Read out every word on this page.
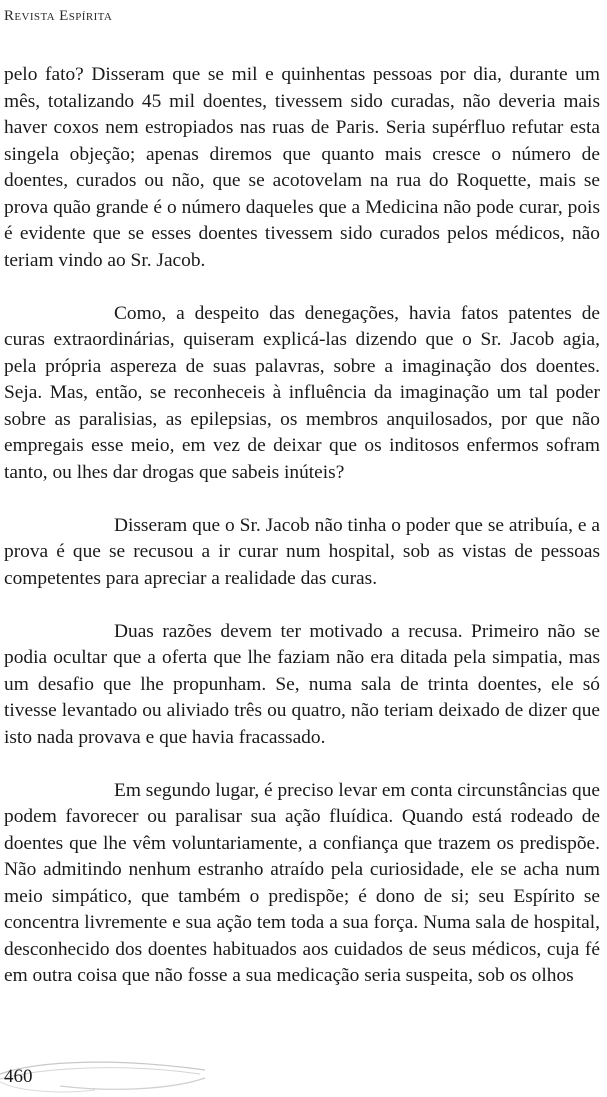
Revista Espírita

pelo fato? Disseram que se mil e quinhentas pessoas por dia, durante um mês, totalizando 45 mil doentes, tivessem sido curadas, não deveria mais haver coxos nem estropiados nas ruas de Paris. Seria supérfluo refutar esta singela objeção; apenas diremos que quanto mais cresce o número de doentes, curados ou não, que se acotovelam na rua do Roquette, mais se prova quão grande é o número daqueles que a Medicina não pode curar, pois é evidente que se esses doentes tivessem sido curados pelos médicos, não teriam vindo ao Sr. Jacob.

Como, a despeito das denegações, havia fatos patentes de curas extraordinárias, quiseram explicá-las dizendo que o Sr. Jacob agia, pela própria aspereza de suas palavras, sobre a imaginação dos doentes. Seja. Mas, então, se reconheceis à influência da imaginação um tal poder sobre as paralisias, as epilepsias, os membros anquilosados, por que não empregais esse meio, em vez de deixar que os inditosos enfermos sofram tanto, ou lhes dar drogas que sabeis inúteis?

Disseram que o Sr. Jacob não tinha o poder que se atribuía, e a prova é que se recusou a ir curar num hospital, sob as vistas de pessoas competentes para apreciar a realidade das curas.

Duas razões devem ter motivado a recusa. Primeiro não se podia ocultar que a oferta que lhe faziam não era ditada pela simpatia, mas um desafio que lhe propunham. Se, numa sala de trinta doentes, ele só tivesse levantado ou aliviado três ou quatro, não teriam deixado de dizer que isto nada provava e que havia fracassado.

Em segundo lugar, é preciso levar em conta circunstâncias que podem favorecer ou paralisar sua ação fluídica. Quando está rodeado de doentes que lhe vêm voluntariamente, a confiança que trazem os predispõe. Não admitindo nenhum estranho atraído pela curiosidade, ele se acha num meio simpático, que também o predispõe; é dono de si; seu Espírito se concentra livremente e sua ação tem toda a sua força. Numa sala de hospital, desconhecido dos doentes habituados aos cuidados de seus médicos, cuja fé em outra coisa que não fosse a sua medicação seria suspeita, sob os olhos

460
